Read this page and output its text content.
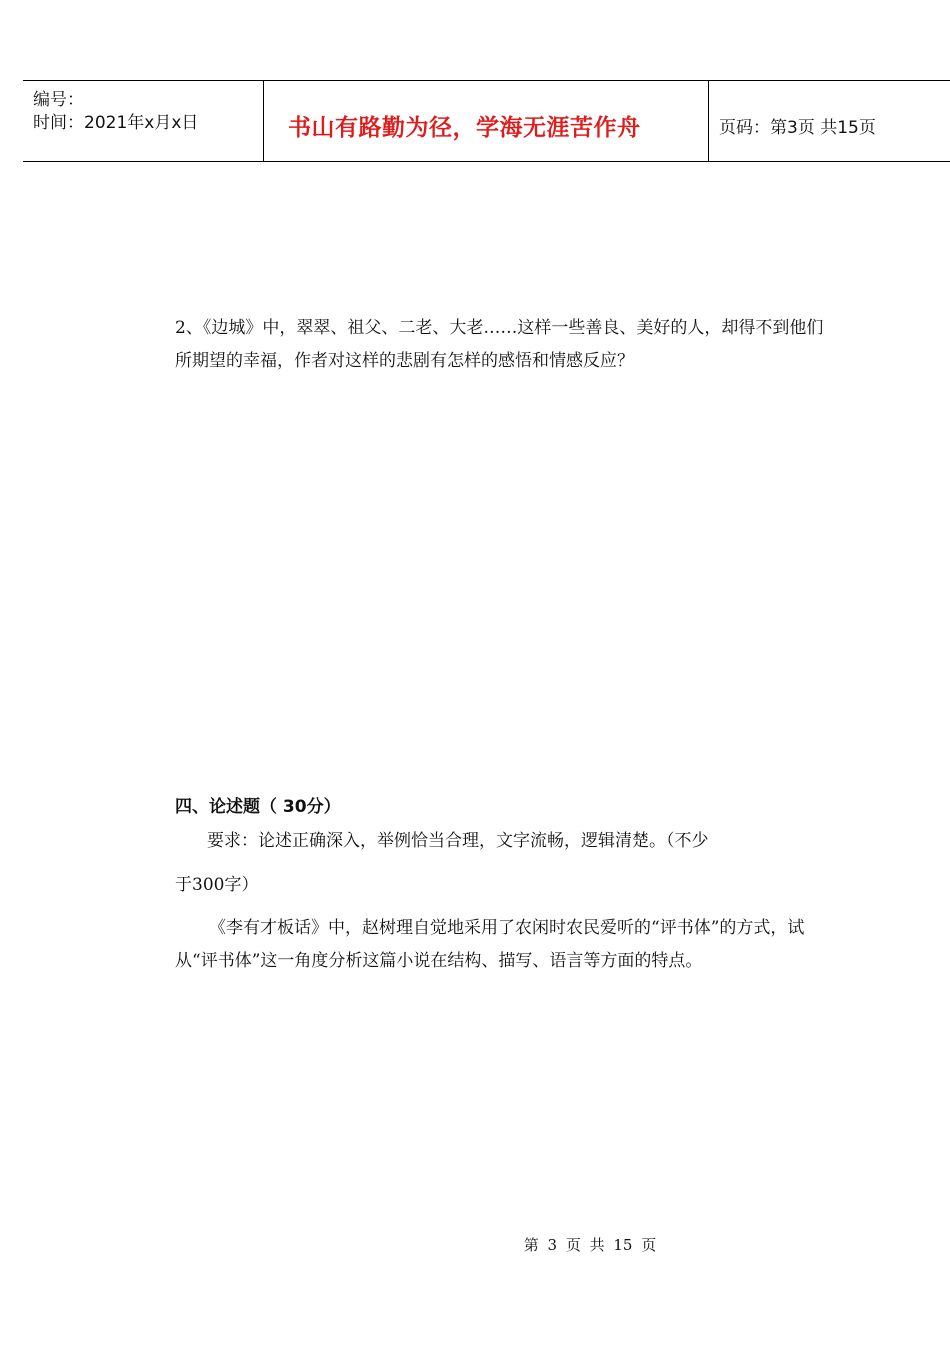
编号：
时间：2021年x月x日	书山有路勤为径，学海无涯苦作舟	页码：第3页 共15页

2、《边城》中，翠翠、祖父、二老、大老……这样一些善良、美好的人，却得不到他们所期望的幸福，作者对这样的悲剧有怎样的感悟和情感反应？

四、论述题（ 30分）
要求：论述正确深入，举例恰当合理，文字流畅，逻辑清楚。（不少
于300字）

《李有才板话》中，赵树理自觉地采用了农闲时农民爱听的“评书体”的方式，试从“评书体”这一角度分析这篇小说在结构、描写、语言等方面的特点。

第 3 页 共 15 页
